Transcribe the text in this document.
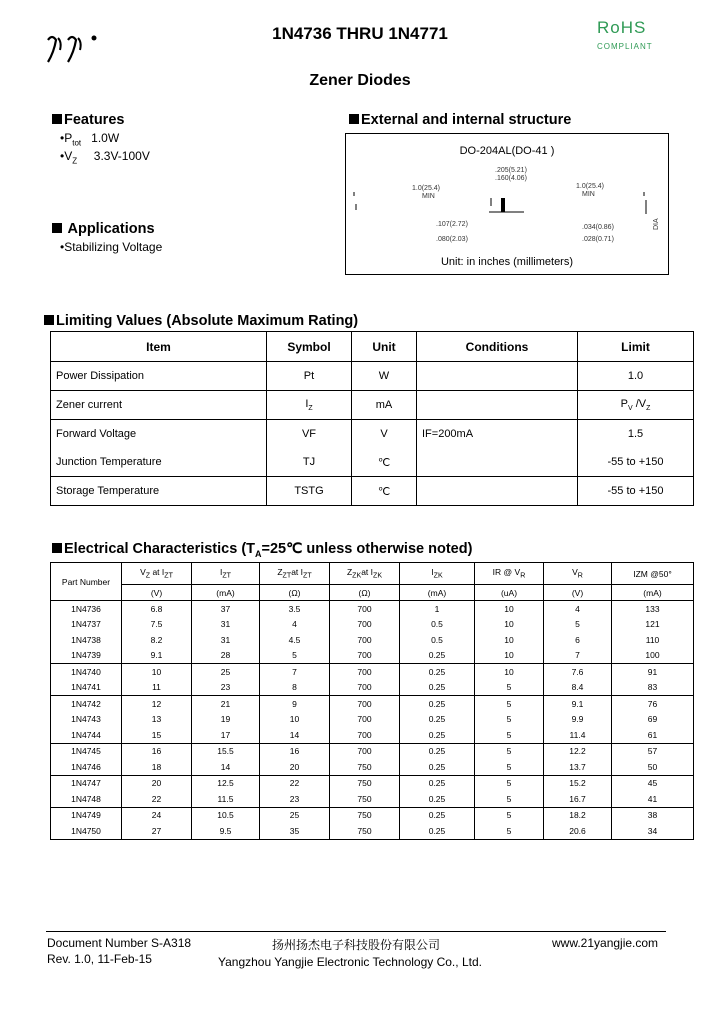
1N4736 THRU 1N4771	RoHS
COMPLIANT
Zener Diodes
Features
$•P_{tot}$ 1.0W
$•V_Z$ 3.3V-100V
Applications
•Stabilizing Voltage
External and internal structure
DO-204AL(DO-41 )
1.0(25.4)
MIN
1.0(25.4)
MIN
.205(5.21)
.160(4.06)
.107(2.72)
.080(2.03)
.034(0.86)
.028(0.71)
DIA
Unit: in inches (millimeters)
Limiting Values (Absolute Maximum Rating)
Item	Symbol	Unit	Conditions	Limit
Power Dissipation	Pt	W		1.0
Zener current	$I_Z$	mA		$P_V$ $/V_Z$
Forward Voltage	VF	V	IF=200mA	1.5
Junction Temperature	TJ	℃		-55 to +150
Storage Temperature	TSTG	℃		-55 to +150
Electrical Characteristics ($T_A=25℃$ unless otherwise noted)
Part Number	$V_Z$ at $I_{ZT}$	$I_{ZT}$	$Z_{ZT}at$ $I_{ZT}$	$Z_{ZK}at$ $I_{ZK}$	$I_{ZK}$	IR @ $V_R$	$V_R$	IZM @50°
	(V)	(mA)	(Ω)	(Ω)	(mA)	(uA)	(V)	(mA)
1N4736	6.8	37	3.5	700	1	10	4	133
1N4737	7.5	31	4	700	0.5	10	5	121
1N4738	8.2	31	4.5	700	0.5	10	6	110
1N4739	9.1	28	5	700	0.25	10	7	100
1N4740	10	25	7	700	0.25	10	7.6	91
1N4741	11	23	8	700	0.25	5	8.4	83
1N4742	12	21	9	700	0.25	5	9.1	76
1N4743	13	19	10	700	0.25	5	9.9	69
1N4744	15	17	14	700	0.25	5	11.4	61
1N4745	16	15.5	16	700	0.25	5	12.2	57
1N4746	18	14	20	750	0.25	5	13.7	50
1N4747	20	12.5	22	750	0.25	5	15.2	45
1N4748	22	11.5	23	750	0.25	5	16.7	41
1N4749	24	10.5	25	750	0.25	5	18.2	38
1N4750	27	9.5	35	750	0.25	5	20.6	34
Document Number S-A318
Rev. 1.0, 11-Feb-15
扬州扬杰电子科技股份有限公司
Yangzhou Yangjie Electronic Technology Co., Ltd.
www.21yangjie.com
